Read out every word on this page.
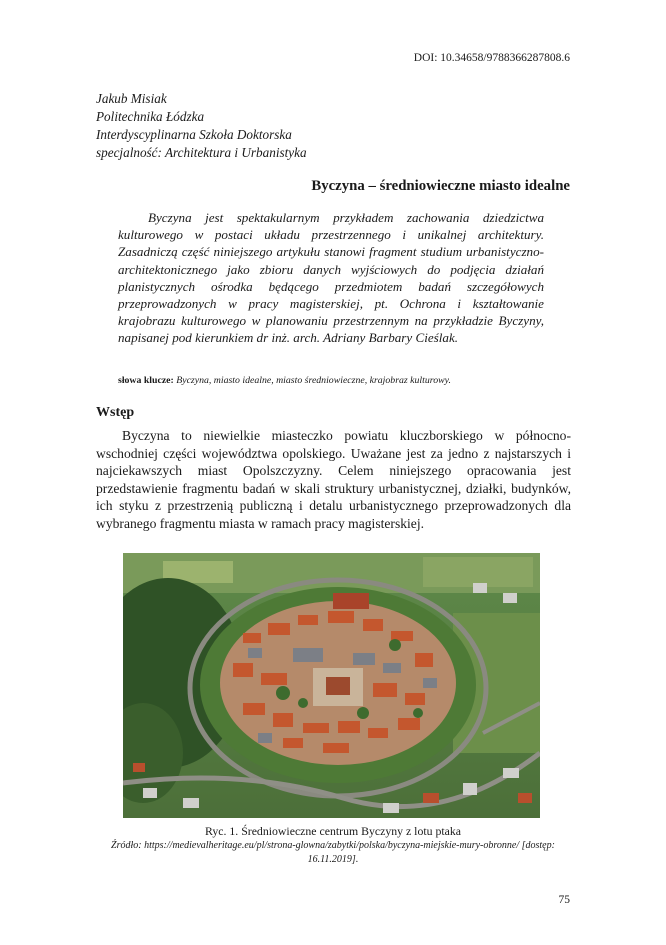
DOI: 10.34658/9788366287808.6
Jakub Misiak
Politechnika Łódzka
Interdyscyplinarna Szkoła Doktorska
specjalność: Architektura i Urbanistyka
Byczyna – średniowieczne miasto idealne
Byczyna jest spektakularnym przykładem zachowania dziedzictwa kulturowego w postaci układu przestrzennego i unikalnej architektury. Zasadniczą część niniejszego artykułu stanowi fragment studium urbanistyczno-architektonicznego jako zbioru danych wyjściowych do podjęcia działań planistycznych ośrodka będącego przedmiotem badań szczegółowych przeprowadzonych w pracy magisterskiej, pt. Ochrona i kształtowanie krajobrazu kulturowego w planowaniu przestrzennym na przykładzie Byczyny, napisanej pod kierunkiem dr inż. arch. Adriany Barbary Cieślak.
słowa klucze: Byczyna, miasto idealne, miasto średniowieczne, krajobraz kulturowy.
Wstęp
Byczyna to niewielkie miasteczko powiatu kluczborskiego w północno-wschodniej części województwa opolskiego. Uważane jest za jedno z najstarszych i najciekawszych miast Opolszczyzny. Celem niniejszego opracowania jest przedstawienie fragmentu badań w skali struktury urbanistycznej, działki, budynków, ich styku z przestrzenią publiczną i detalu urbanistycznego przeprowadzonych dla wybranego fragmentu miasta w ramach pracy magisterskiej.
Ryc. 1. Średniowieczne centrum Byczyny z lotu ptaka
Źródło: https://medievalheritage.eu/pl/strona-glowna/zabytki/polska/byczyna-miejskie-mury-obronne/ [dostęp: 16.11.2019].
75
